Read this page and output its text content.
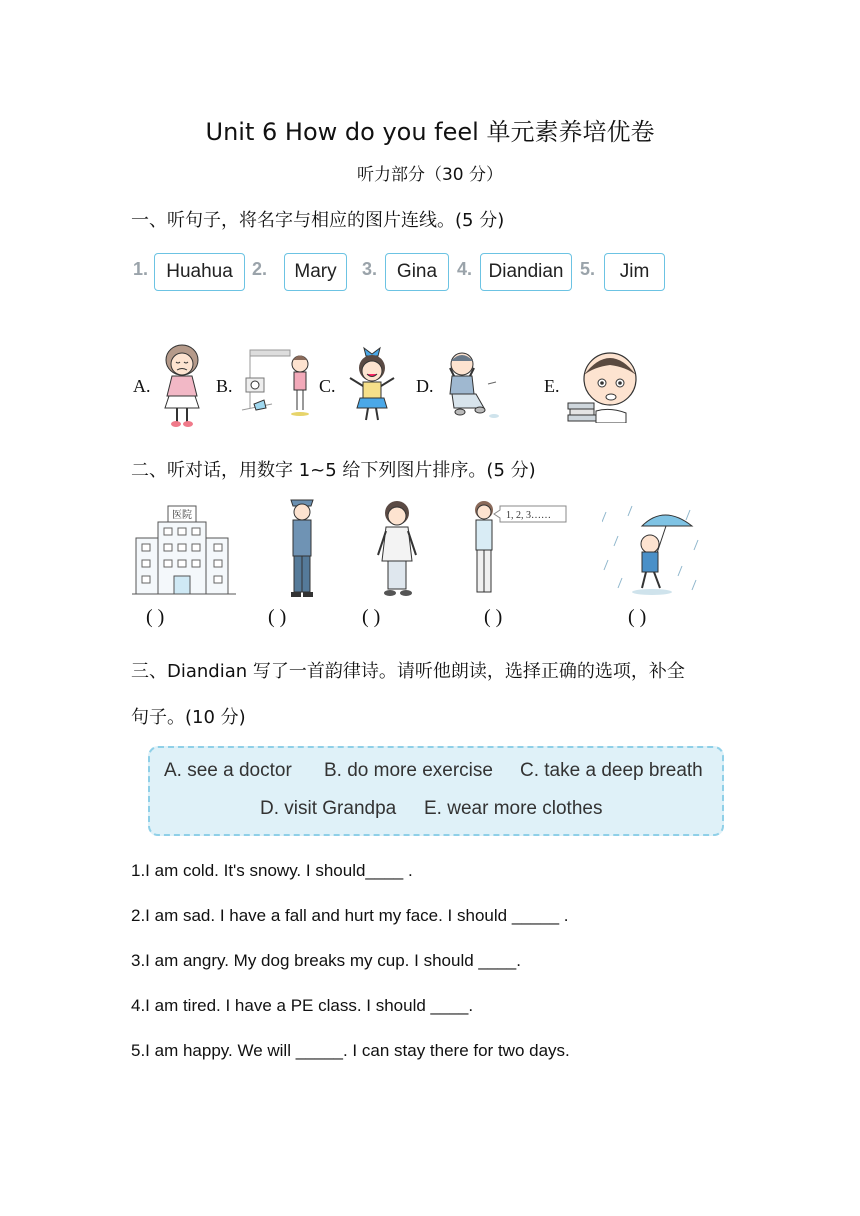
Unit 6 How do you feel 单元素养培优卷
听力部分（30 分）
一、听句子，将名字与相应的图片连线。(5 分)
1. Huahua	2.	Mary	3.	Gina	4. Diandian 5.	Jim
A.	B.	C.	D.	E.
二、听对话，用数字 1~5 给下列图片排序。(5 分)
医院	1, 2, 3……
( )	( )	( )	( )	( )
三、Diandian 写了一首韵律诗。请听他朗读，选择正确的选项，补全
句子。(10 分)
A. see a doctor B. do more exercise C. take a deep breath
D. visit Grandpa E. wear more clothes
1.I am cold. It's snowy. I should____ .
2.I am sad. I have a fall and hurt my face. I should _____ .
3.I am angry. My dog breaks my cup. I should ____.
4.I am tired. I have a PE class. I should ____.
5.I am happy. We will _____. I can stay there for two days.
